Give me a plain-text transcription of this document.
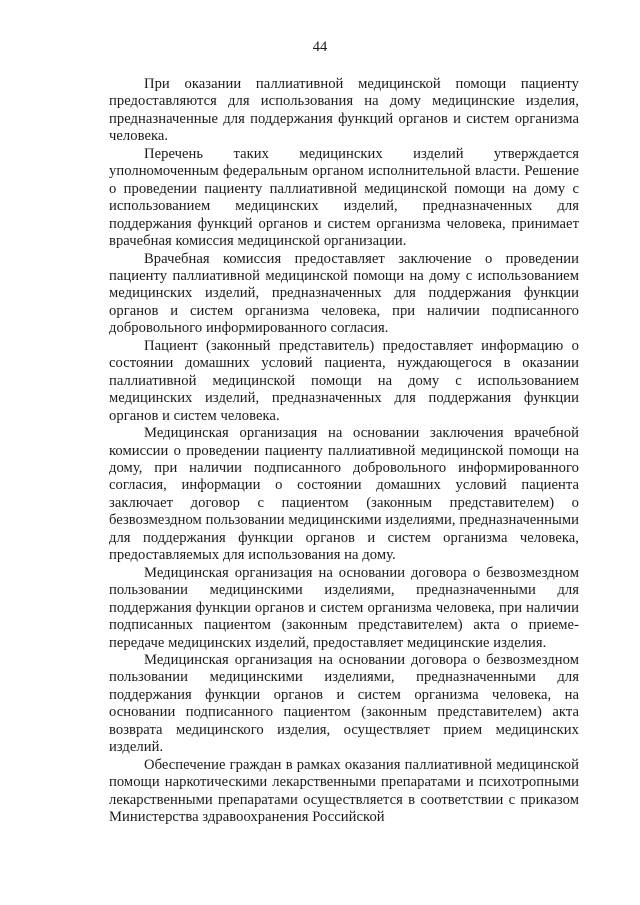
44

При оказании паллиативной медицинской помощи пациенту предоставляются для использования на дому медицинские изделия, предназначенные для поддержания функций органов и систем организма человека.

Перечень таких медицинских изделий утверждается уполномоченным федеральным органом исполнительной власти. Решение о проведении пациенту паллиативной медицинской помощи на дому с использованием медицинских изделий, предназначенных для поддержания функций органов и систем организма человека, принимает врачебная комиссия медицинской организации.

Врачебная комиссия предоставляет заключение о проведении пациенту паллиативной медицинской помощи на дому с использованием медицинских изделий, предназначенных для поддержания функции органов и систем организма человека, при наличии подписанного добровольного информированного согласия.

Пациент (законный представитель) предоставляет информацию о состоянии домашних условий пациента, нуждающегося в оказании паллиативной медицинской помощи на дому с использованием медицинских изделий, предназначенных для поддержания функции органов и систем человека.

Медицинская организация на основании заключения врачебной комиссии о проведении пациенту паллиативной медицинской помощи на дому, при наличии подписанного добровольного информированного согласия, информации о состоянии домашних условий пациента заключает договор с пациентом (законным представителем) о безвозмездном пользовании медицинскими изделиями, предназначенными для поддержания функции органов и систем организма человека, предоставляемых для использования на дому.

Медицинская организация на основании договора о безвозмездном пользовании медицинскими изделиями, предназначенными для поддержания функции органов и систем организма человека, при наличии подписанных пациентом (законным представителем) акта о приеме-передаче медицинских изделий, предоставляет медицинские изделия.

Медицинская организация на основании договора о безвозмездном пользовании медицинскими изделиями, предназначенными для поддержания функции органов и систем организма человека, на основании подписанного пациентом (законным представителем) акта возврата медицинского изделия, осуществляет прием медицинских изделий.

Обеспечение граждан в рамках оказания паллиативной медицинской помощи наркотическими лекарственными препаратами и психотропными лекарственными препаратами осуществляется в соответствии с приказом Министерства здравоохранения Российской
